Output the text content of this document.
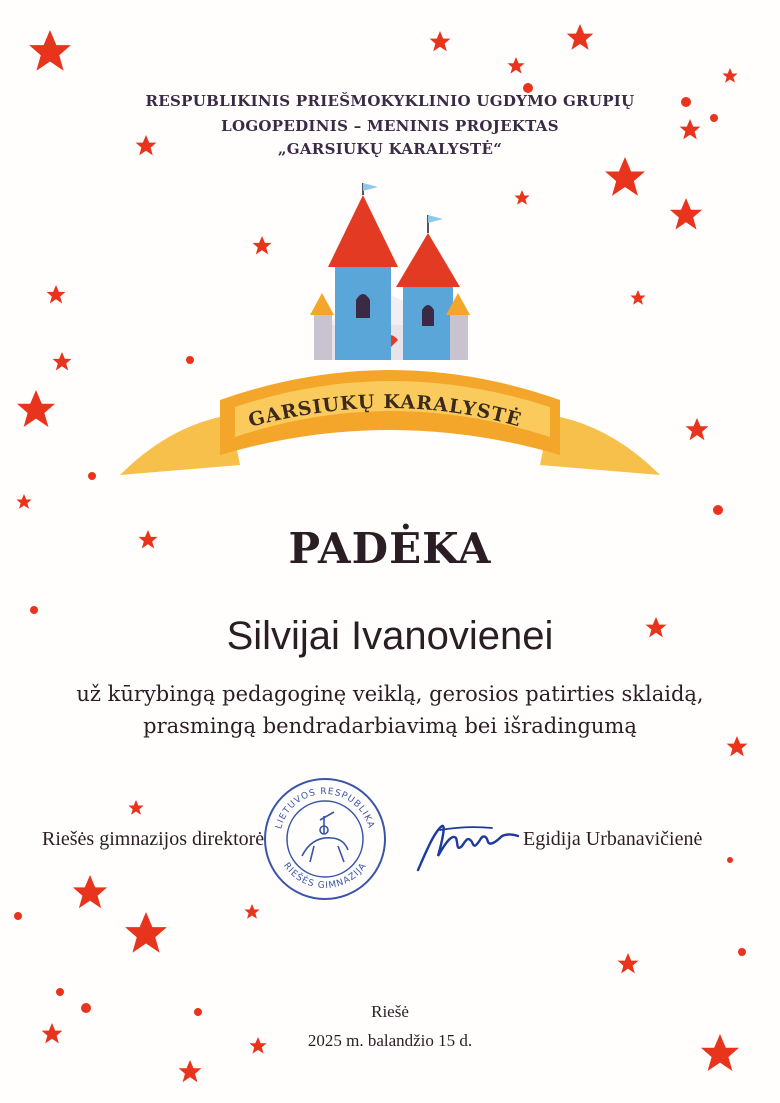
RESPUBLIKINIS PRIEŠMOKYKLINIO UGDYMO GRUPIŲ
LOGOPEDINIS – MENINIS PROJEKTAS
„GARSIUKŲ KARALYSTĖ“
GARSIUKŲ KARALYSTĖ
PADĖKA
Silvijai Ivanovienei
už kūrybingą pedagoginę veiklą, gerosios patirties sklaidą,
prasmingą bendradarbiavimą bei išradingumą
Riešės gimnazijos direktorė
LIETUVOS RESPUBLIKA
RIEŠĖS GIMNAZIJA
Egidija Urbanavičienė
Riešė
2025 m. balandžio 15 d.
